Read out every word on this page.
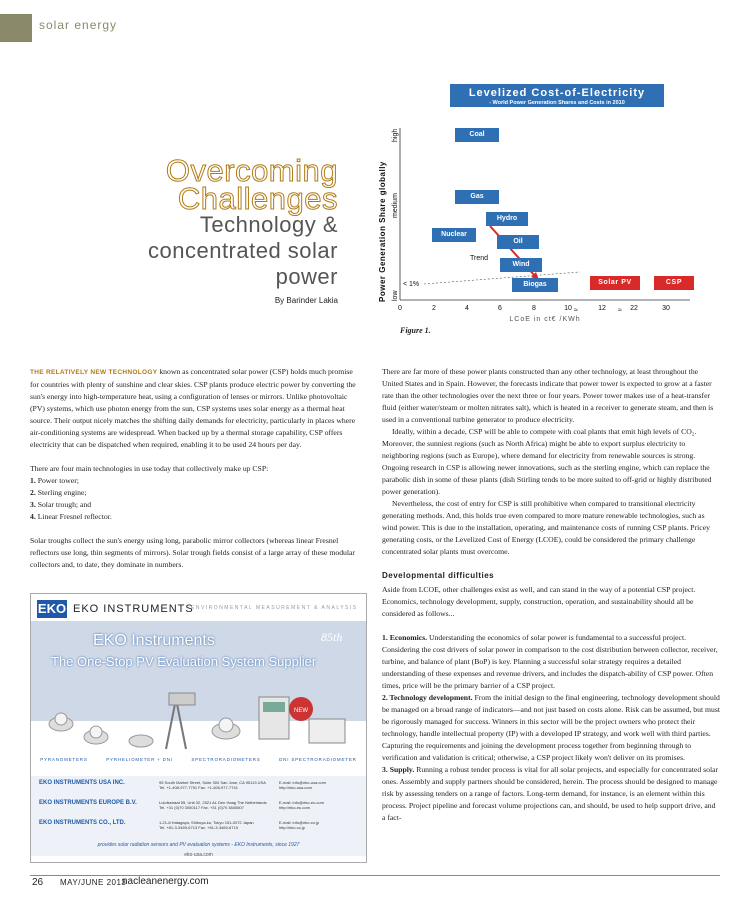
solar energy
Overcoming
Challenges
Technology &
concentrated solar
power
By Barinder Lakia
Levelized Cost-of-Electricity
- World Power Generation Shares and Costs in 2010
Power Generation Share globally low
medium
high
< 1%
Trend
0	2	4	6	8	10	12	22	30
≈	≈
LCoE in ct€ /KWh
Coal
Gas
Hydro
Nuclear
Oil
Wind
Biogas	Solar PV	CSP
Figure 1.

THE RELATIVELY NEW TECHNOLOGY known as concentrated solar power (CSP) holds much promise for countries with plenty of sunshine and clear skies. CSP plants produce electric power by converting the sun's energy into high-temperature heat, using a configuration of lenses or mirrors. Unlike photovoltaic (PV) systems, which use photon energy from the sun, CSP systems uses solar energy as a thermal heat source. Their output nicely matches the shifting daily demands for electricity, particularly in places where air-conditioning systems are widespread. When backed up by a thermal storage capability, CSP offers electricity that can be dispatched when required, enabling it to be used 24 hours per day.

There are four main technologies in use today that collectively make up CSP:

1. Power tower;
2. Sterling engine;
3. Solar trough; and
4. Linear Fresnel reflector.

Solar troughs collect the sun's energy using long, parabolic mirror collectors (whereas linear Fresnel reflectors use long, thin segments of mirrors). Solar trough fields consist of a large array of these modular collectors and, to date, they dominate in numbers.

There are far more of these power plants constructed than any other technology, at least throughout the United States and in Spain. However, the forecasts indicate that power tower is expected to grow at a faster rate than the other technologies over the next three or four years. Power tower makes use of a heat-transfer fluid (either water/steam or molten nitrates salt), which is heated in a receiver to generate steam, and then is used in a conventional turbine generator to produce electricity.

Ideally, within a decade, CSP will be able to compete with coal plants that emit high levels of CO₂. Moreover, the sunniest regions (such as North Africa) might be able to export surplus electricity to neighboring regions (such as Europe), where demand for electricity from renewable sources is strong. Ongoing research in CSP is allowing newer innovations, such as the sterling engine, which can replace the parabolic dish in some of these plants (dish Stirling tends to be more suited to off-grid or highly distributed power generation).

Nevertheless, the cost of entry for CSP is still prohibitive when compared to transitional electricity generating methods. And, this holds true even compared to more mature renewable technologies, such as wind power. This is due to the installation, operating, and maintenance costs of running CSP plants. Pricey generating costs, or the Levelized Cost of Energy (LCOE), could be considered the primary challenge concentrated solar plants must overcome.

Developmental difficulties

Aside from LCOE, other challenges exist as well, and can stand in the way of a potential CSP project. Economics, technology development, supply, construction, operation, and sustainability should all be considered as follows...

1. Economics. Understanding the economics of solar power is fundamental to a successful project. Considering the cost drivers of solar power in comparison to the cost distribution between collector, receiver, turbine, and balance of plant (BoP) is key. Planning a successful solar strategy requires a detailed understanding of these expenses and revenue drivers, and includes the dispatch-ability of CSP power. Often times, price will be the primary barrier of a CSP project.

2. Technology development. From the initial design to the final engineering, technology development should be managed on a broad range of indicators—and not just based on costs alone. Risk can be assumed, but must be rigorously managed for success. Winners in this sector will be the project owners who protect their technology, handle intellectual property (IP) with a developed IP strategy, and work well with third parties. Capturing the requirements and joining the development process together from beginning through to verification and validation is critical; otherwise, a CSP project likely won't deliver on its promises.

3. Supply. Running a robust tender process is vital for all solar projects, and especially for concentrated solar ones. Assembly and supply partners should be considered, herein. The process should be designed to manage risk by assessing tenders on a range of factors. Long-term demand, for instance, is an element within this process. Project pipeline and forecast volume projections can, and should, be used to help support drive, and a fact-

EKO EKO INSTRUMENTS
ENVIRONMENTAL MEASUREMENT & ANALYSIS
EKO Instruments
The One-Stop PV Evaluation System Supplier
85th
NEW
PYRANOMETERS	PYRHELIOMETER + DNI	SPECTRORADIOMETERS	DNI SPECTRORADIOMETER
EKO INSTRUMENTS USA INC.	95 South Market Street, Suite 300 San Jose, CA 95113 USA
Tel. +1-408-977-7751 Fax. +1-408-977-7741
E-mail: info@eko-usa.com
http://eko-usa.com
EKO INSTRUMENTS EUROPE B.V.	Lulofsstraat 55, Unit 32, 2521 AL Den Haag The Netherlands
Tel. +31 (0)70 3050117 Fax. +31 (0)70 3840607
E-mail: info@eko-eu.com
http://eko-eu.com
EKO INSTRUMENTS CO., LTD.	1-21-8 Hatagaya, Shibuya-ku, Tokyo 151-0072 Japan
Tel. +81-3-3469-6713 Fax. +81-3-3469-6719
E-mail: info@eko.co.jp
http://eko.co.jp
provides solar radiation sensors and PV evaluation systems - EKO Instruments, since 1927
eko-usa.com
26 MAY/JUNE 2013
nacleanenergy.com
